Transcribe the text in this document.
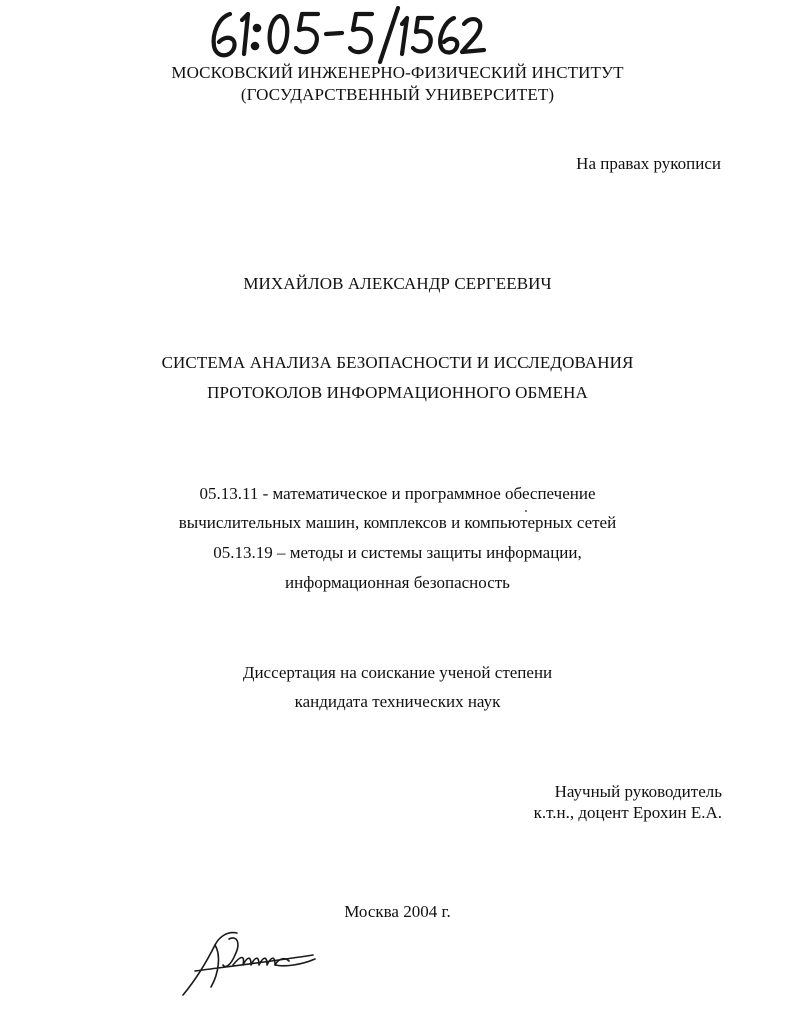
МОСКОВСКИЙ ИНЖЕНЕРНО-ФИЗИЧЕСКИЙ ИНСТИТУТ
(ГОСУДАРСТВЕННЫЙ УНИВЕРСИТЕТ)
На правах рукописи
МИХАЙЛОВ АЛЕКСАНДР СЕРГЕЕВИЧ
СИСТЕМА АНАЛИЗА БЕЗОПАСНОСТИ И ИССЛЕДОВАНИЯ
ПРОТОКОЛОВ ИНФОРМАЦИОННОГО ОБМЕНА
05.13.11 - математическое и программное обеспечение
вычислительных машин, комплексов и компьютерных сетей
05.13.19 – методы и системы защиты информации,
информационная безопасность
Диссертация на соискание ученой степени
кандидата технических наук
Научный руководитель
к.т.н., доцент Ерохин Е.А.
Москва 2004 г.
